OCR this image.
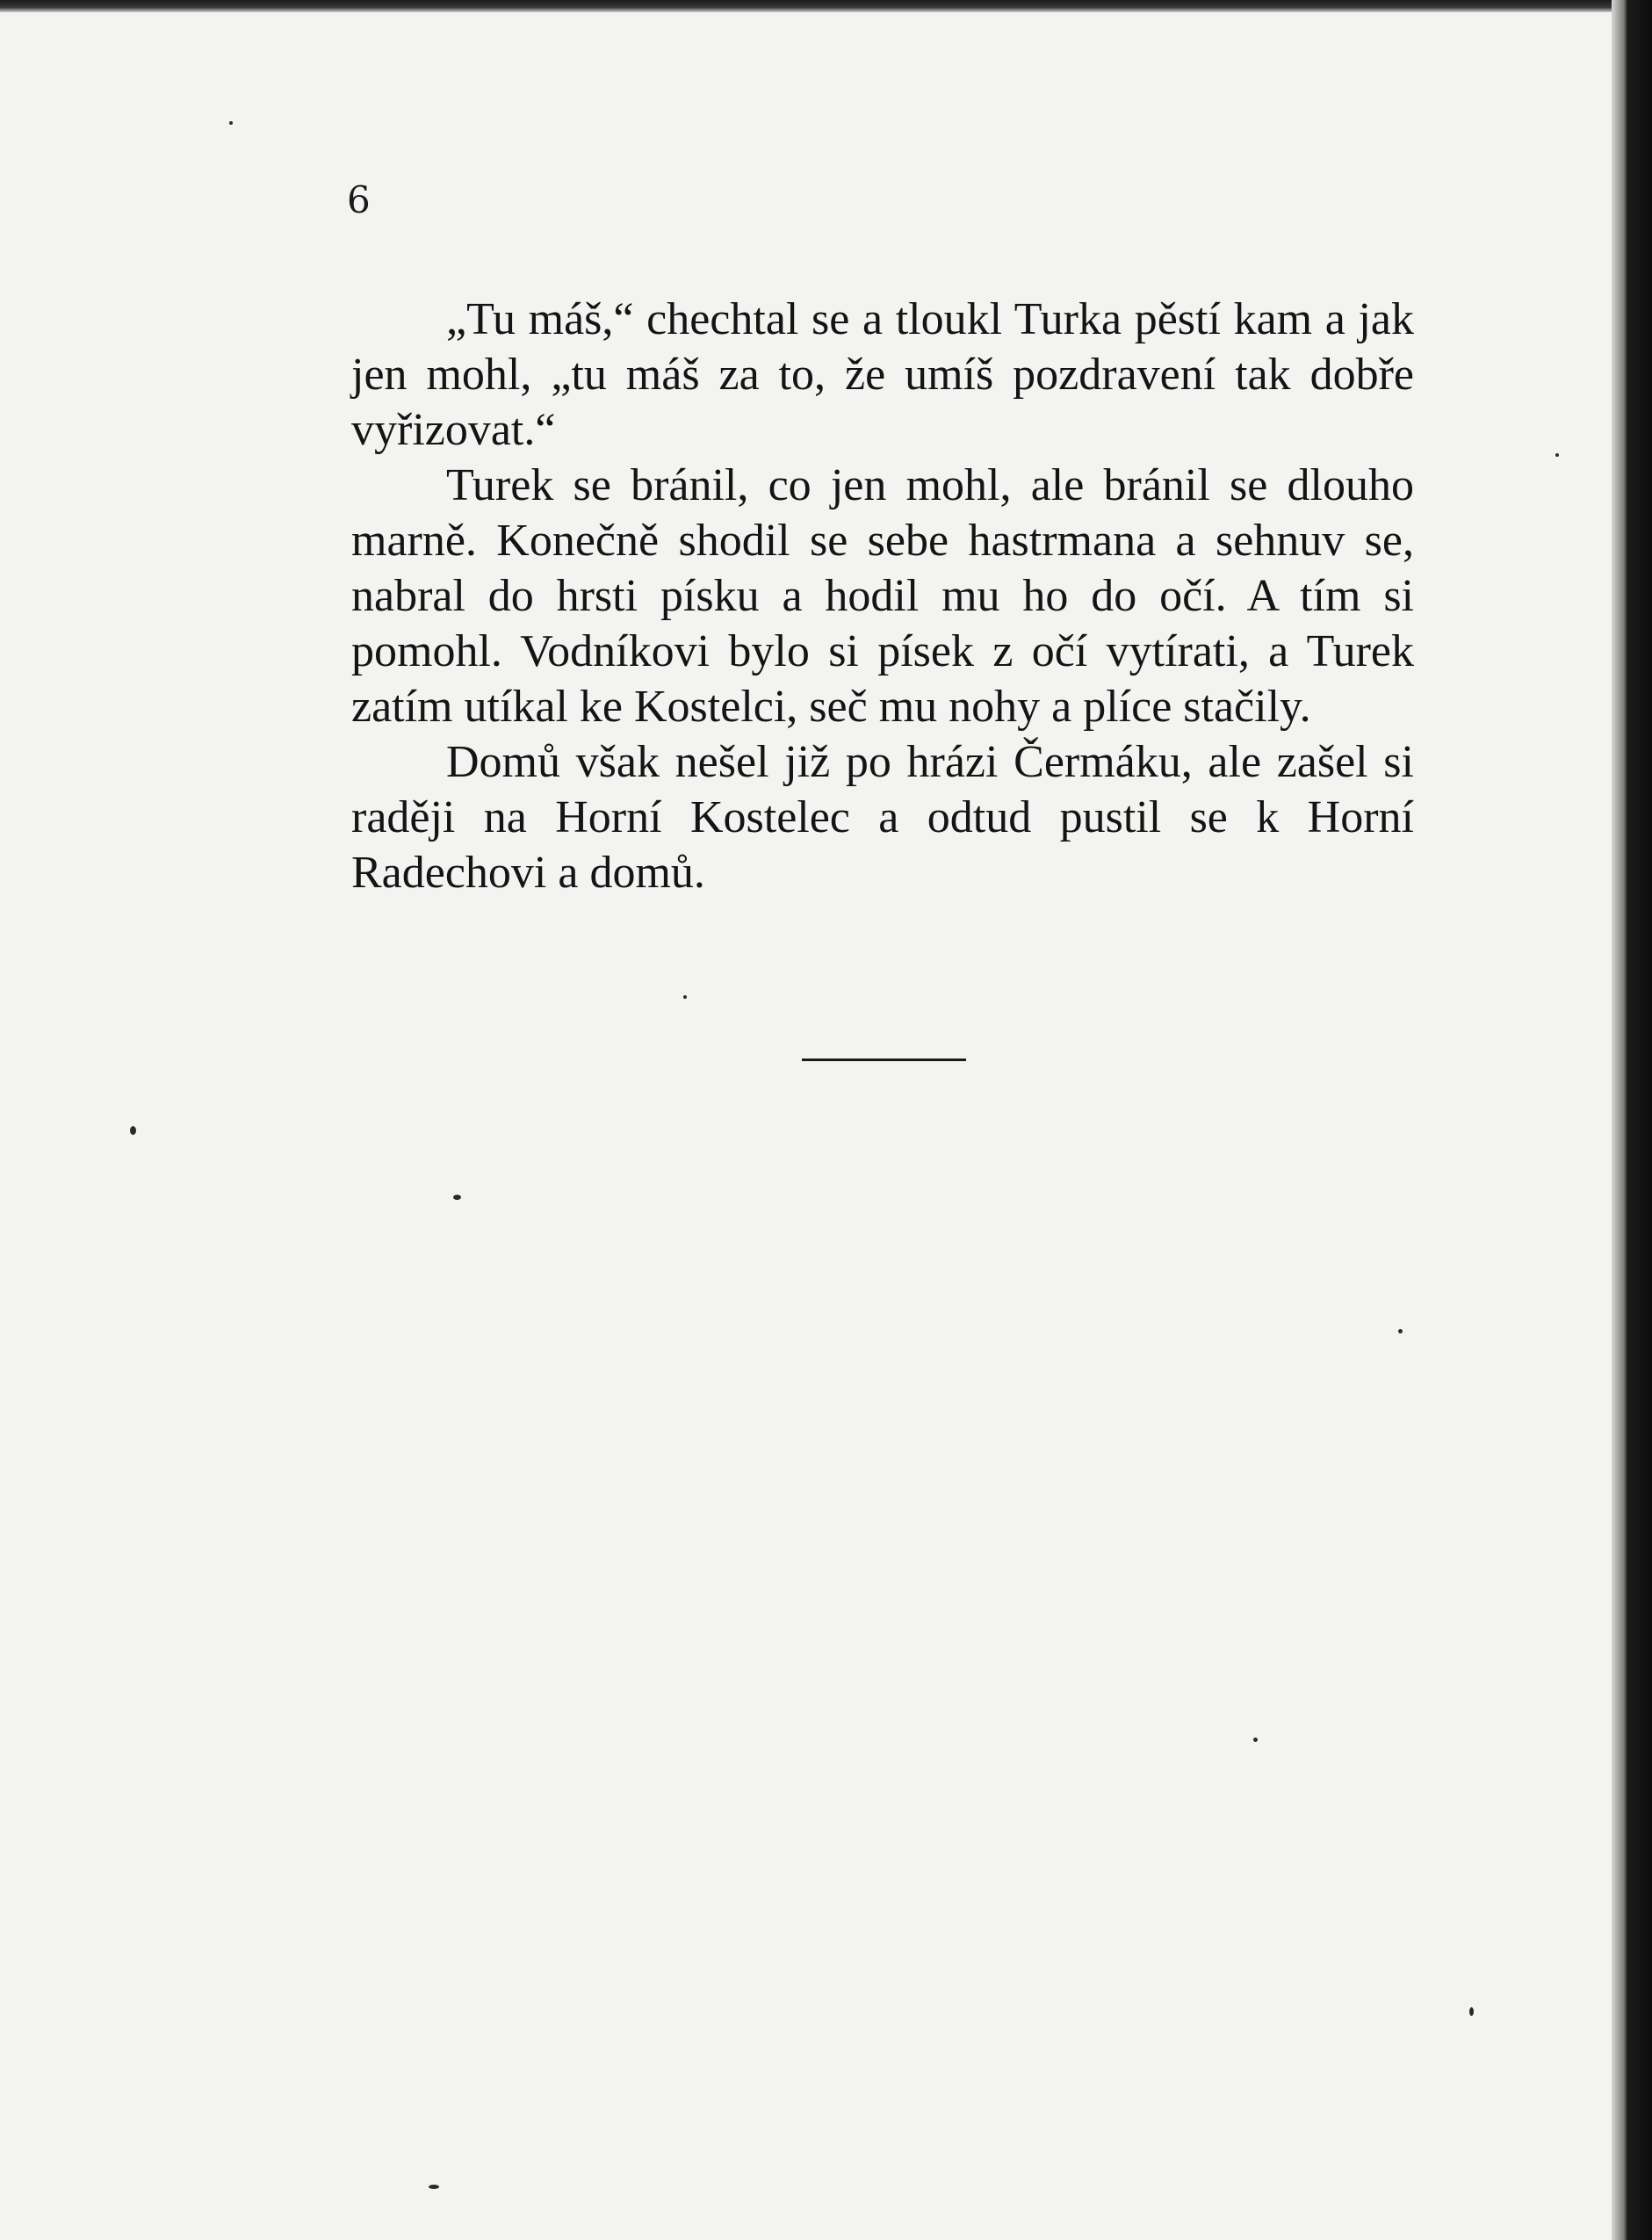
6

„Tu máš,“ chechtal se a tloukl Turka pěstí kam a jak jen mohl, „tu máš za to, že umíš pozdravení tak dobře vyřizovat.“

Turek se bránil, co jen mohl, ale bránil se dlouho marně. Konečně shodil se sebe hastrmana a sehnuv se, nabral do hrsti písku a hodil mu ho do očí. A tím si pomohl. Vodníkovi bylo si písek z očí vytírati, a Turek zatím utíkal ke Kostelci, seč mu nohy a plíce stačily.

Domů však nešel již po hrázi Čermáku, ale zašel si raději na Horní Kostelec a odtud pustil se k Horní Radechovi a domů.
